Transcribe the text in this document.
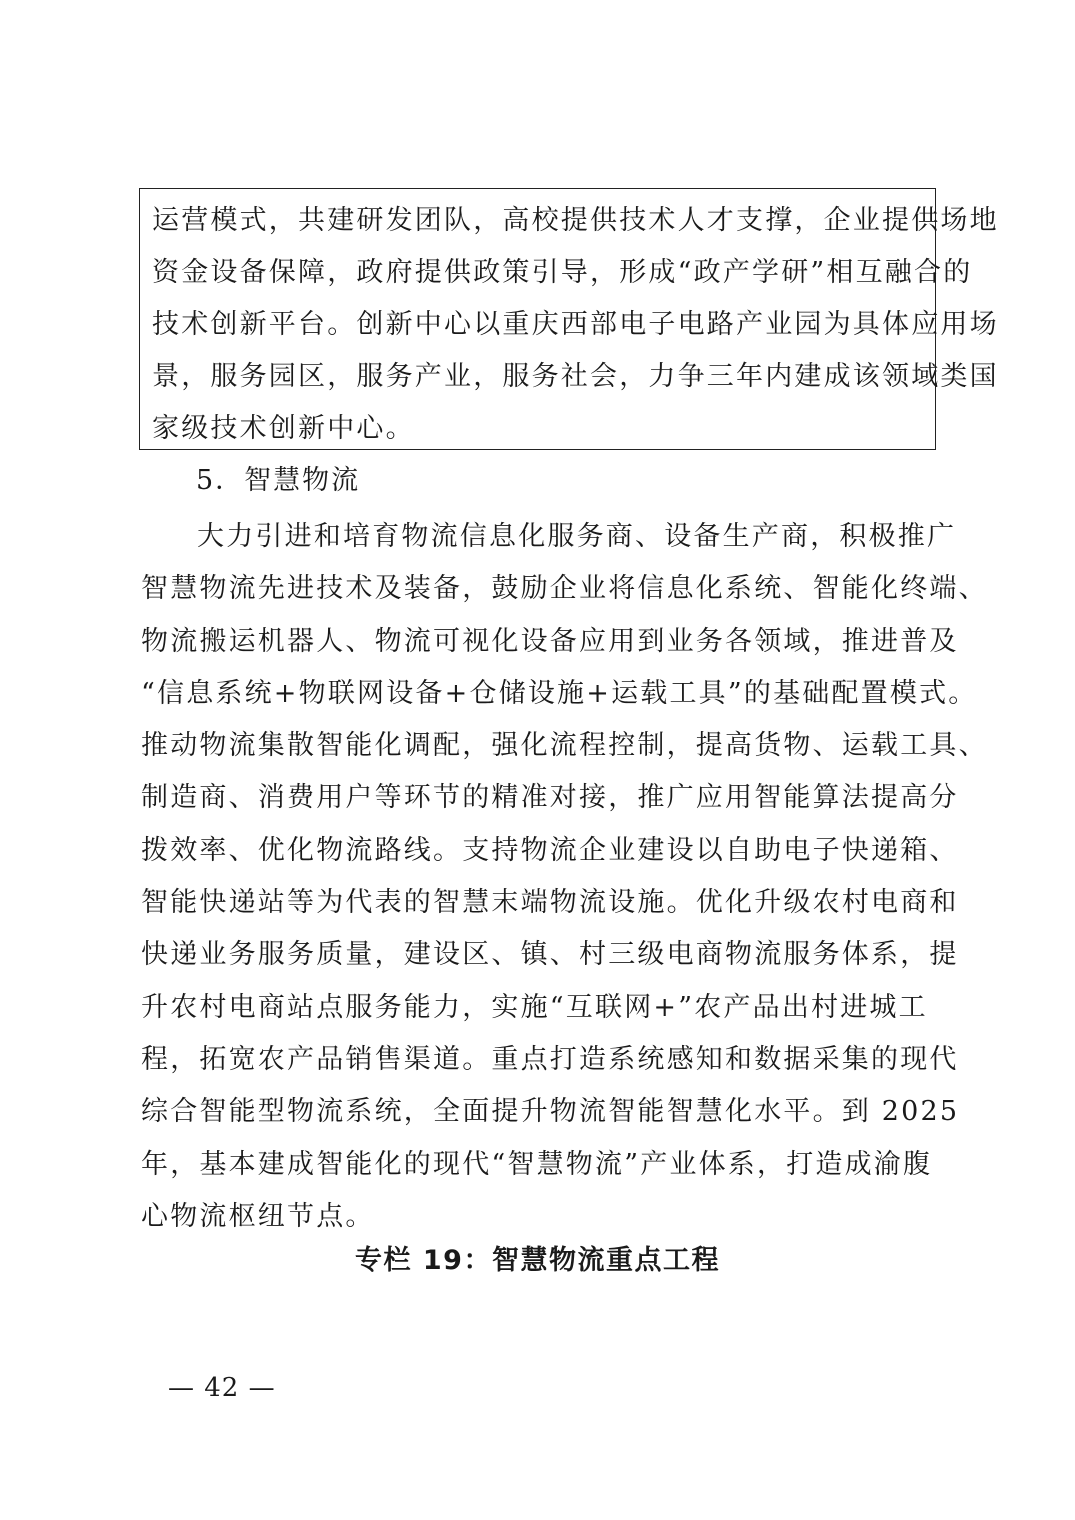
运营模式，共建研发团队，高校提供技术人才支撑，企业提供场地
资金设备保障，政府提供政策引导，形成“政产学研”相互融合的
技术创新平台。创新中心以重庆西部电子电路产业园为具体应用场
景，服务园区，服务产业，服务社会，力争三年内建成该领域类国
家级技术创新中心。
5．智慧物流
大力引进和培育物流信息化服务商、设备生产商，积极推广
智慧物流先进技术及装备，鼓励企业将信息化系统、智能化终端、
物流搬运机器人、物流可视化设备应用到业务各领域，推进普及
“信息系统+物联网设备+仓储设施+运载工具”的基础配置模式。
推动物流集散智能化调配，强化流程控制，提高货物、运载工具、
制造商、消费用户等环节的精准对接，推广应用智能算法提高分
拨效率、优化物流路线。支持物流企业建设以自助电子快递箱、
智能快递站等为代表的智慧末端物流设施。优化升级农村电商和
快递业务服务质量，建设区、镇、村三级电商物流服务体系，提
升农村电商站点服务能力，实施“互联网+”农产品出村进城工
程，拓宽农产品销售渠道。重点打造系统感知和数据采集的现代
综合智能型物流系统，全面提升物流智能智慧化水平。到 2025
年，基本建成智能化的现代“智慧物流”产业体系，打造成渝腹
心物流枢纽节点。
专栏 19：智慧物流重点工程
— 42 —
